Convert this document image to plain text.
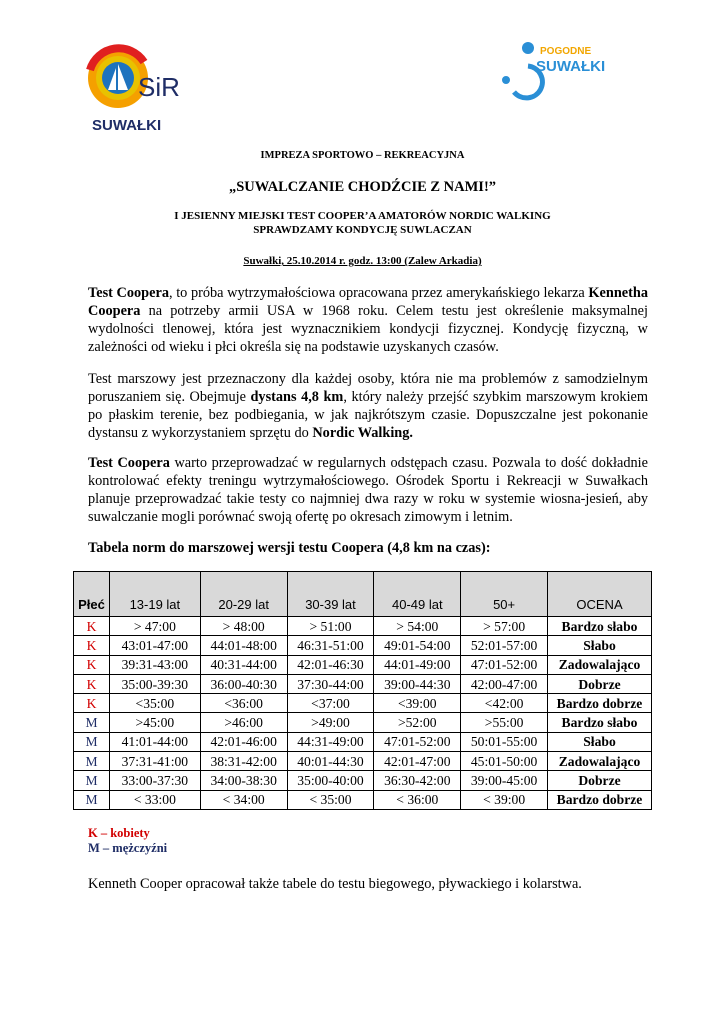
SiR
SUWAŁKI
POGODNE
SUWAŁKI
IMPREZA SPORTOWO – REKREACYJNA
„SUWALCZANIE CHODŹCIE Z NAMI!”
I JESIENNY MIEJSKI TEST COOPER’A AMATORÓW NORDIC WALKING
SPRAWDZAMY KONDYCJĘ SUWLACZAN
Suwałki, 25.10.2014 r. godz. 13:00 (Zalew Arkadia)
Test Coopera, to próba wytrzymałościowa opracowana przez amerykańskiego lekarza Kennetha Coopera na potrzeby armii USA w 1968 roku. Celem testu jest określenie maksymalnej wydolności tlenowej, która jest wyznacznikiem kondycji fizycznej. Kondycję fizyczną, w zależności od wieku i płci określa się na podstawie uzyskanych czasów.
Test marszowy jest przeznaczony dla każdej osoby, która nie ma problemów z samodzielnym poruszaniem się. Obejmuje dystans 4,8 km, który należy przejść szybkim marszowym krokiem po płaskim terenie, bez podbiegania, w jak najkrótszym czasie. Dopuszczalne jest pokonanie dystansu z wykorzystaniem sprzętu do Nordic Walking.
Test Coopera warto przeprowadzać w regularnych odstępach czasu. Pozwala to dość dokładnie kontrolować efekty treningu wytrzymałościowego. Ośrodek Sportu i Rekreacji w Suwałkach planuje przeprowadzać takie testy co najmniej dwa razy w roku w systemie wiosna-jesień, aby suwalczanie mogli porównać swoją ofertę po okresach zimowym i letnim.
Tabela norm do marszowej wersji testu Coopera (4,8 km na czas):
Płeć	13-19 lat	20-29 lat	30-39 lat	40-49 lat	50+	OCENA
K	> 47:00	> 48:00	> 51:00	> 54:00	> 57:00	Bardzo słabo
K	43:01-47:00	44:01-48:00	46:31-51:00	49:01-54:00	52:01-57:00	Słabo
K	39:31-43:00	40:31-44:00	42:01-46:30	44:01-49:00	47:01-52:00	Zadowalająco
K	35:00-39:30	36:00-40:30	37:30-44:00	39:00-44:30	42:00-47:00	Dobrze
K	<35:00	<36:00	<37:00	<39:00	<42:00	Bardzo dobrze
M	>45:00	>46:00	>49:00	>52:00	>55:00	Bardzo słabo
M	41:01-44:00	42:01-46:00	44:31-49:00	47:01-52:00	50:01-55:00	Słabo
M	37:31-41:00	38:31-42:00	40:01-44:30	42:01-47:00	45:01-50:00	Zadowalająco
M	33:00-37:30	34:00-38:30	35:00-40:00	36:30-42:00	39:00-45:00	Dobrze
M	< 33:00	< 34:00	< 35:00	< 36:00	< 39:00	Bardzo dobrze
K – kobiety
M – mężczyźni
Kenneth Cooper opracował także tabele do testu biegowego, pływackiego i kolarstwa.
